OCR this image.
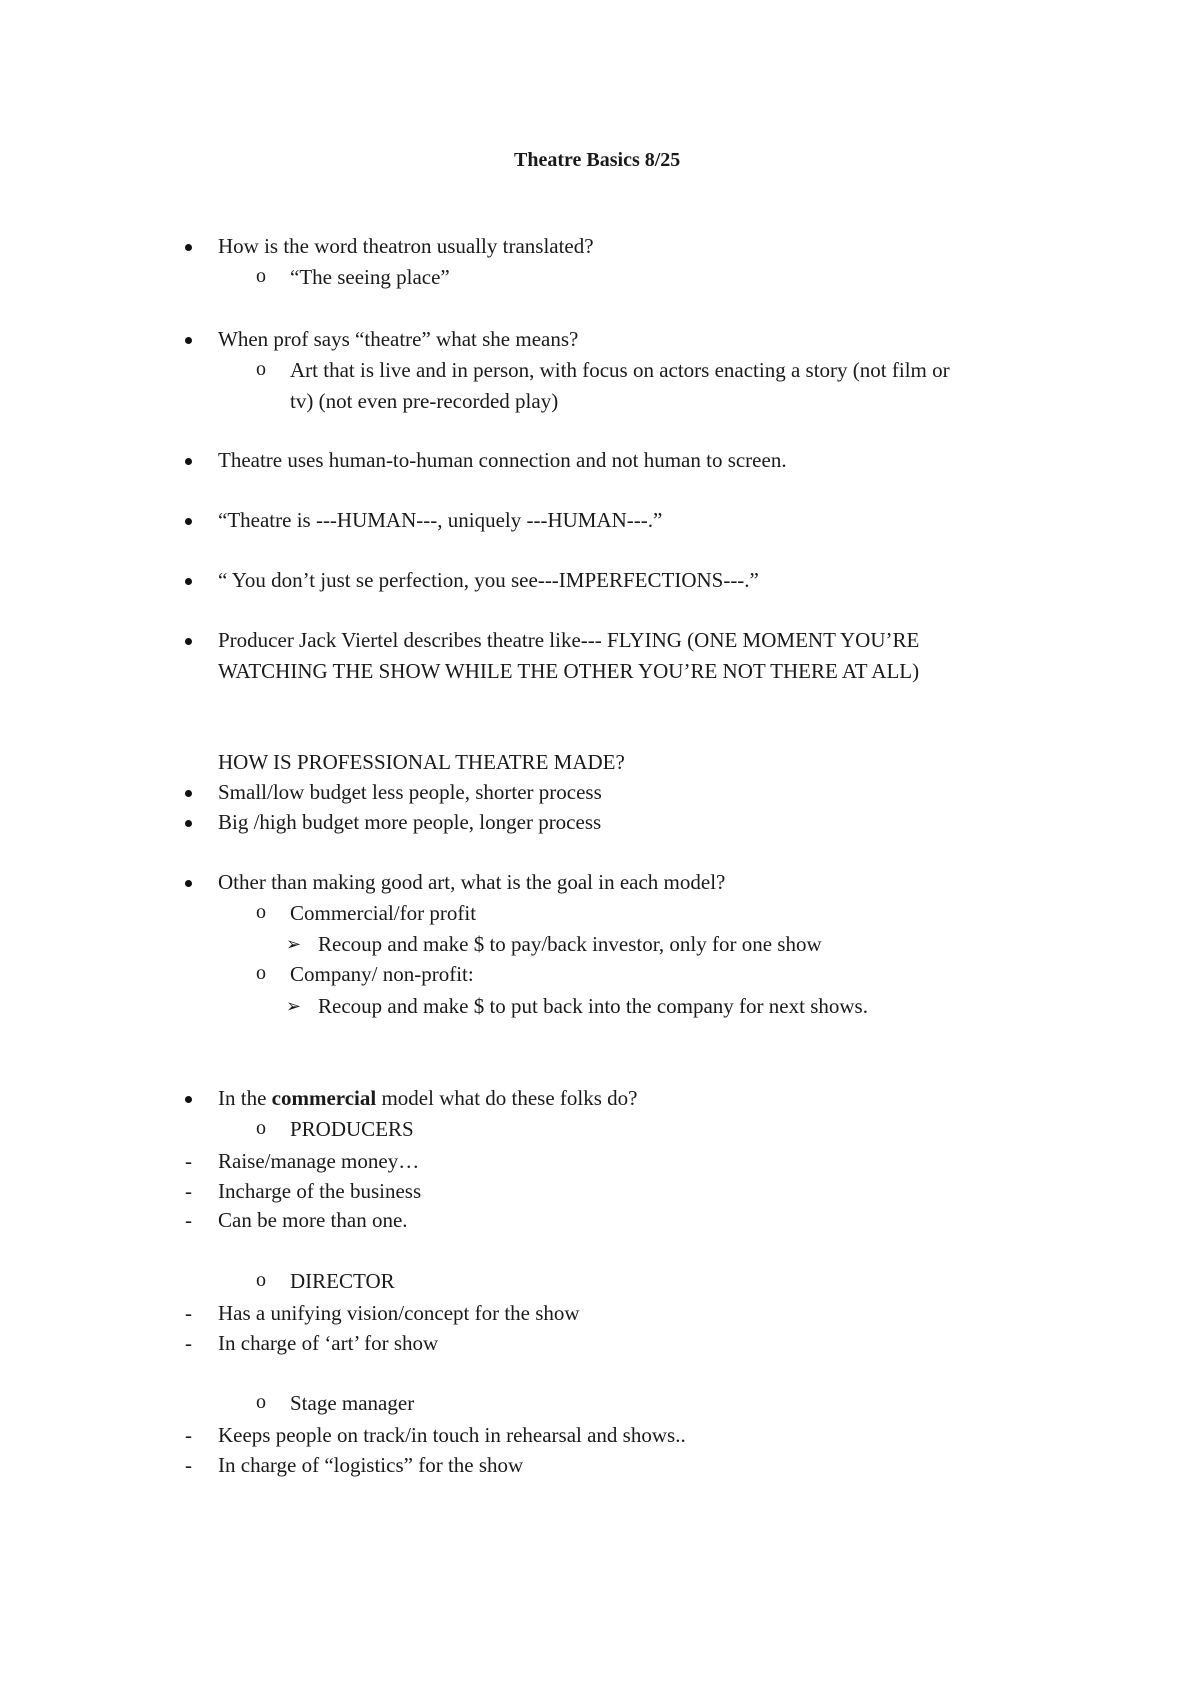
Theatre Basics 8/25
How is the word theatron usually translated?
o “The seeing place”
When prof says “theatre” what she means?
o Art that is live and in person, with focus on actors enacting a story (not film or
tv) (not even pre-recorded play)
Theatre uses human-to-human connection and not human to screen.
“Theatre is ---HUMAN---, uniquely ---HUMAN---.”
“ You don’t just se perfection, you see---IMPERFECTIONS---.”
Producer Jack Viertel describes theatre like--- FLYING (ONE MOMENT YOU’RE
WATCHING THE SHOW WHILE THE OTHER YOU’RE NOT THERE AT ALL)
HOW IS PROFESSIONAL THEATRE MADE?
Small/low budget less people, shorter process
Big /high budget more people, longer process
Other than making good art, what is the goal in each model?
o Commercial/for profit
➢ Recoup and make $ to pay/back investor, only for one show
o Company/ non-profit:
➢ Recoup and make $ to put back into the company for next shows.
In the commercial model what do these folks do?
o PRODUCERS
- Raise/manage money…
- Incharge of the business
- Can be more than one.
o DIRECTOR
- Has a unifying vision/concept for the show
- In charge of ‘art’ for show
o Stage manager
- Keeps people on track/in touch in rehearsal and shows..
- In charge of “logistics” for the show
